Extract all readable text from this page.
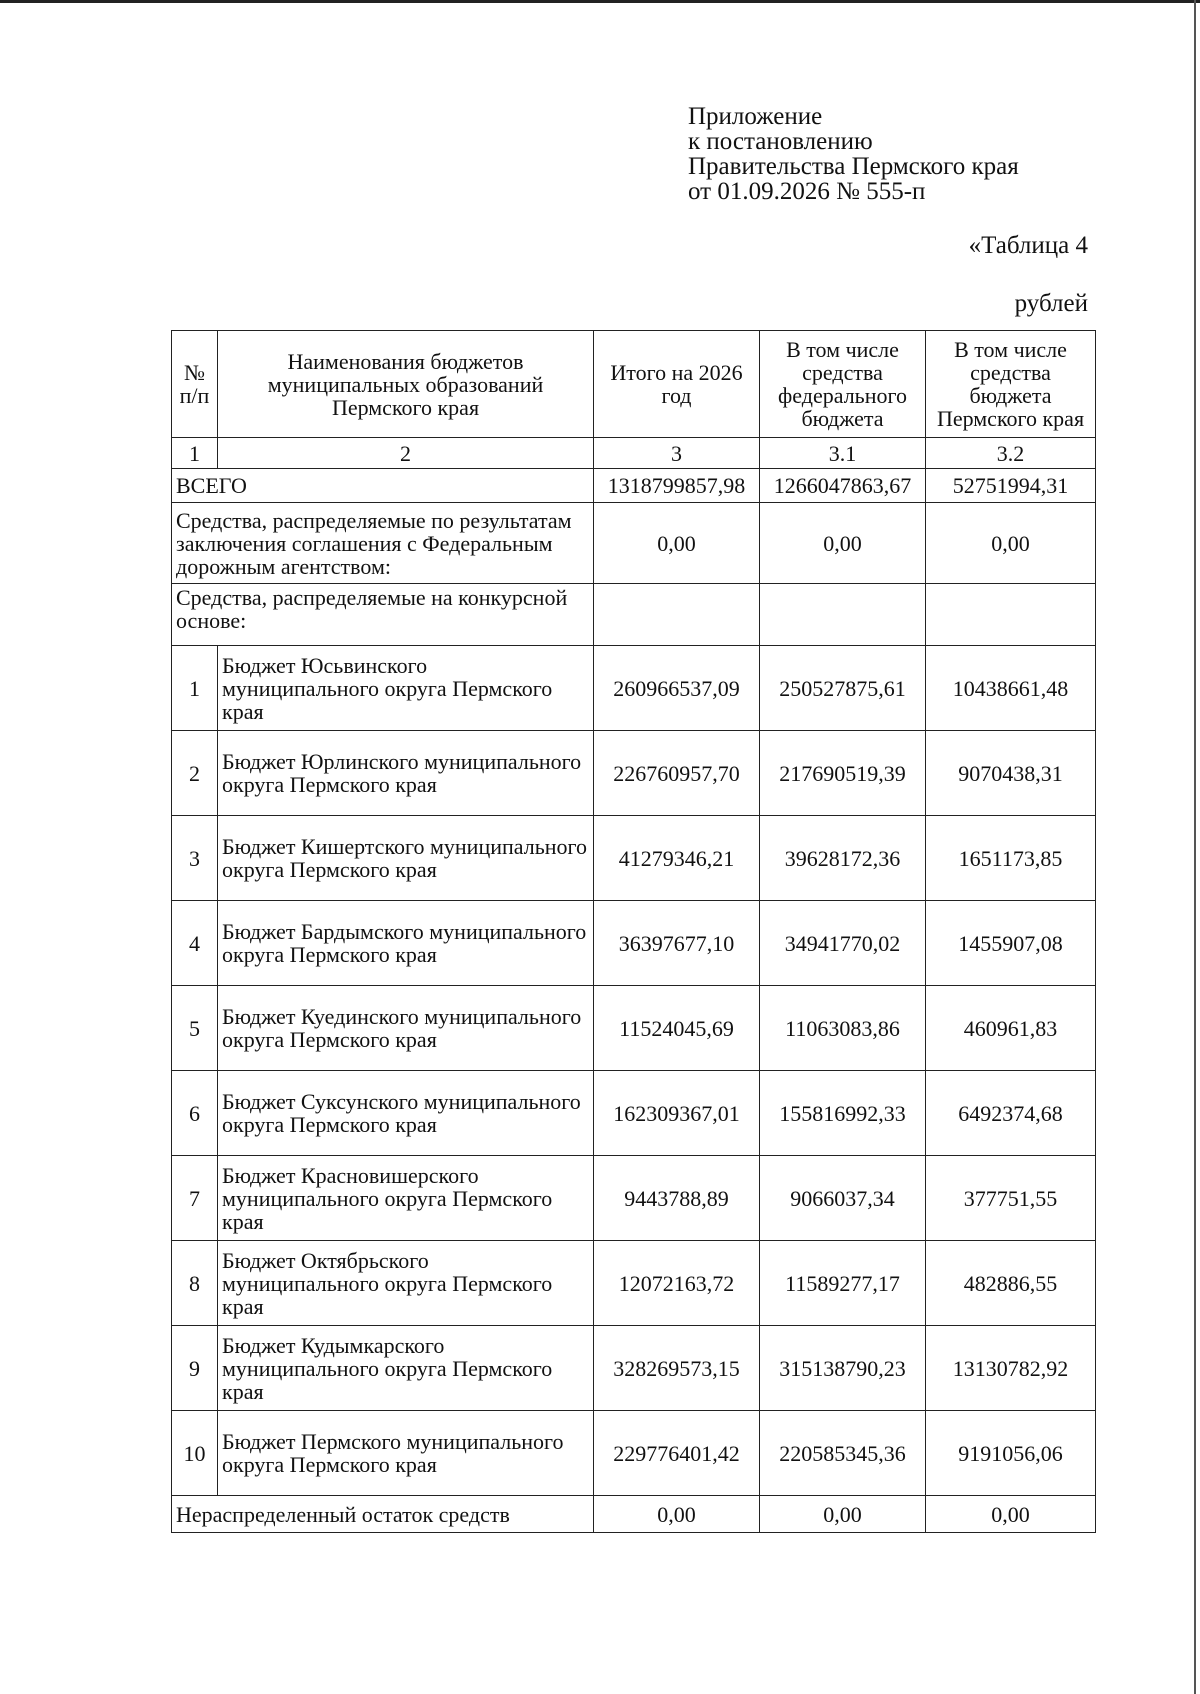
Приложение
к постановлению
Правительства Пермского края
от 01.09.2026 № 555-п
«Таблица 4
рублей
№ п/п	Наименования бюджетов муниципальных образований Пермского края	Итого на 2026 год	В том числе средства федерального бюджета	В том числе средства бюджета Пермского края
1	2	3	3.1	3.2
ВСЕГО		1318799857,98	1266047863,67	52751994,31
Средства, распределяемые по результатам заключения соглашения с Федеральным дорожным агентством:		0,00	0,00	0,00
Средства, распределяемые на конкурсной основе:				
1	Бюджет Юсьвинского муниципального округа Пермского края	260966537,09	250527875,61	10438661,48
2	Бюджет Юрлинского муниципального округа Пермского края	226760957,70	217690519,39	9070438,31
3	Бюджет Кишертского муниципального округа Пермского края	41279346,21	39628172,36	1651173,85
4	Бюджет Бардымского муниципального округа Пермского края	36397677,10	34941770,02	1455907,08
5	Бюджет Куединского муниципального округа Пермского края	11524045,69	11063083,86	460961,83
6	Бюджет Суксунского муниципального округа Пермского края	162309367,01	155816992,33	6492374,68
7	Бюджет Красновишерского муниципального округа Пермского края	9443788,89	9066037,34	377751,55
8	Бюджет Октябрьского муниципального округа Пермского края	12072163,72	11589277,17	482886,55
9	Бюджет Кудымкарского муниципального округа Пермского края	328269573,15	315138790,23	13130782,92
10	Бюджет Пермского муниципального округа Пермского края	229776401,42	220585345,36	9191056,06
Нераспределенный остаток средств		0,00	0,00	0,00
